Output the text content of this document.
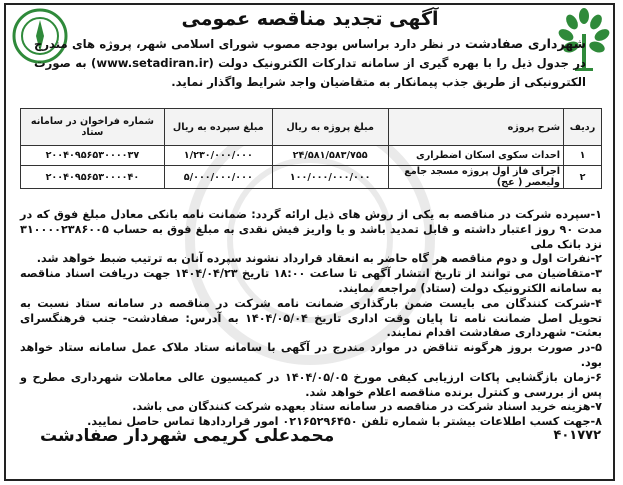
آگهی تجدید مناقصه عمومی
شهرداری صفادشت در نظر دارد براساس بودجه مصوب شورای اسلامی شهر، پروژه های مندرج در جدول ذیل را با بهره گیری از سامانه تدارکات الکترونیک دولت (www.setadiran.ir) به صورت الکترونیکی از طریق جذب پیمانکار به متقاضیان واجد شرایط واگذار نماید.
ردیف	شرح پروژه	مبلغ پروژه به ریال	مبلغ سپرده به ریال	شماره فراخوان در سامانه ستاد
۱	احداث سکوی اسکان اضطراری	۲۴/۵۸۱/۵۸۳/۷۵۵	۱/۲۳۰/۰۰۰/۰۰۰	۲۰۰۴۰۹۵۶۵۳۰۰۰۰۳۷
۲	اجرای فاز اول پروژه مسجد جامع ولیعصر ( عج)	۱۰۰/۰۰۰/۰۰۰/۰۰۰	۵/۰۰۰/۰۰۰/۰۰۰	۲۰۰۴۰۹۵۶۵۳۰۰۰۰۴۰

۱-سپرده شرکت در مناقصه به یکی از روش های ذیل ارائه گردد: ضمانت نامه بانکی معادل مبلغ فوق که در مدت ۹۰ روز اعتبار داشته و قابل تمدید باشد و یا واریز فیش نقدی به مبلغ فوق به حساب ۳۱۰۰۰۰۲۳۸۶۰۰۵ نزد بانک ملی

۲-نفرات اول و دوم مناقصه هر گاه حاضر به انعقاد قرارداد نشوند سپرده آنان به ترتیب ضبط خواهد شد.

۳-متقاضیان می توانند از تاریخ انتشار آگهی تا ساعت ۱۸:۰۰ تاریخ ۱۴۰۴/۰۴/۲۳ جهت دریافت اسناد مناقصه به سامانه الکترونیک دولت (ستاد) مراجعه نمایند.

۴-شرکت کنندگان می بایست ضمن بارگذاری ضمانت نامه شرکت در مناقصه در سامانه ستاد نسبت به تحویل اصل ضمانت نامه تا پایان وقت اداری تاریخ ۱۴۰۴/۰۵/۰۴ به آدرس: صفادشت- جنب فرهنگسرای بعثت- شهرداری صفادشت اقدام نمایند.

۵-در صورت بروز هرگونه تناقض در موارد مندرج در آگهی با سامانه ستاد ملاک عمل سامانه ستاد خواهد بود.

۶-زمان بازگشایی پاکات ارزیابی کیفی مورخ ۱۴۰۴/۰۵/۰۵ در کمیسیون عالی معاملات شهرداری مطرح و پس از بررسی و کنترل برنده مناقصه اعلام خواهد شد.

۷-هزینه خرید اسناد شرکت در مناقصه در سامانه ستاد بعهده شرکت کنندگان می باشد.

۸-جهت کسب اطلاعات بیشتر با شماره تلفن ۰۲۱۶۵۲۹۶۴۵۰ امور قراردادها تماس حاصل نمایید.

محمدعلی کریمی شهردار صفادشت	۴۰۱۷۷۲
